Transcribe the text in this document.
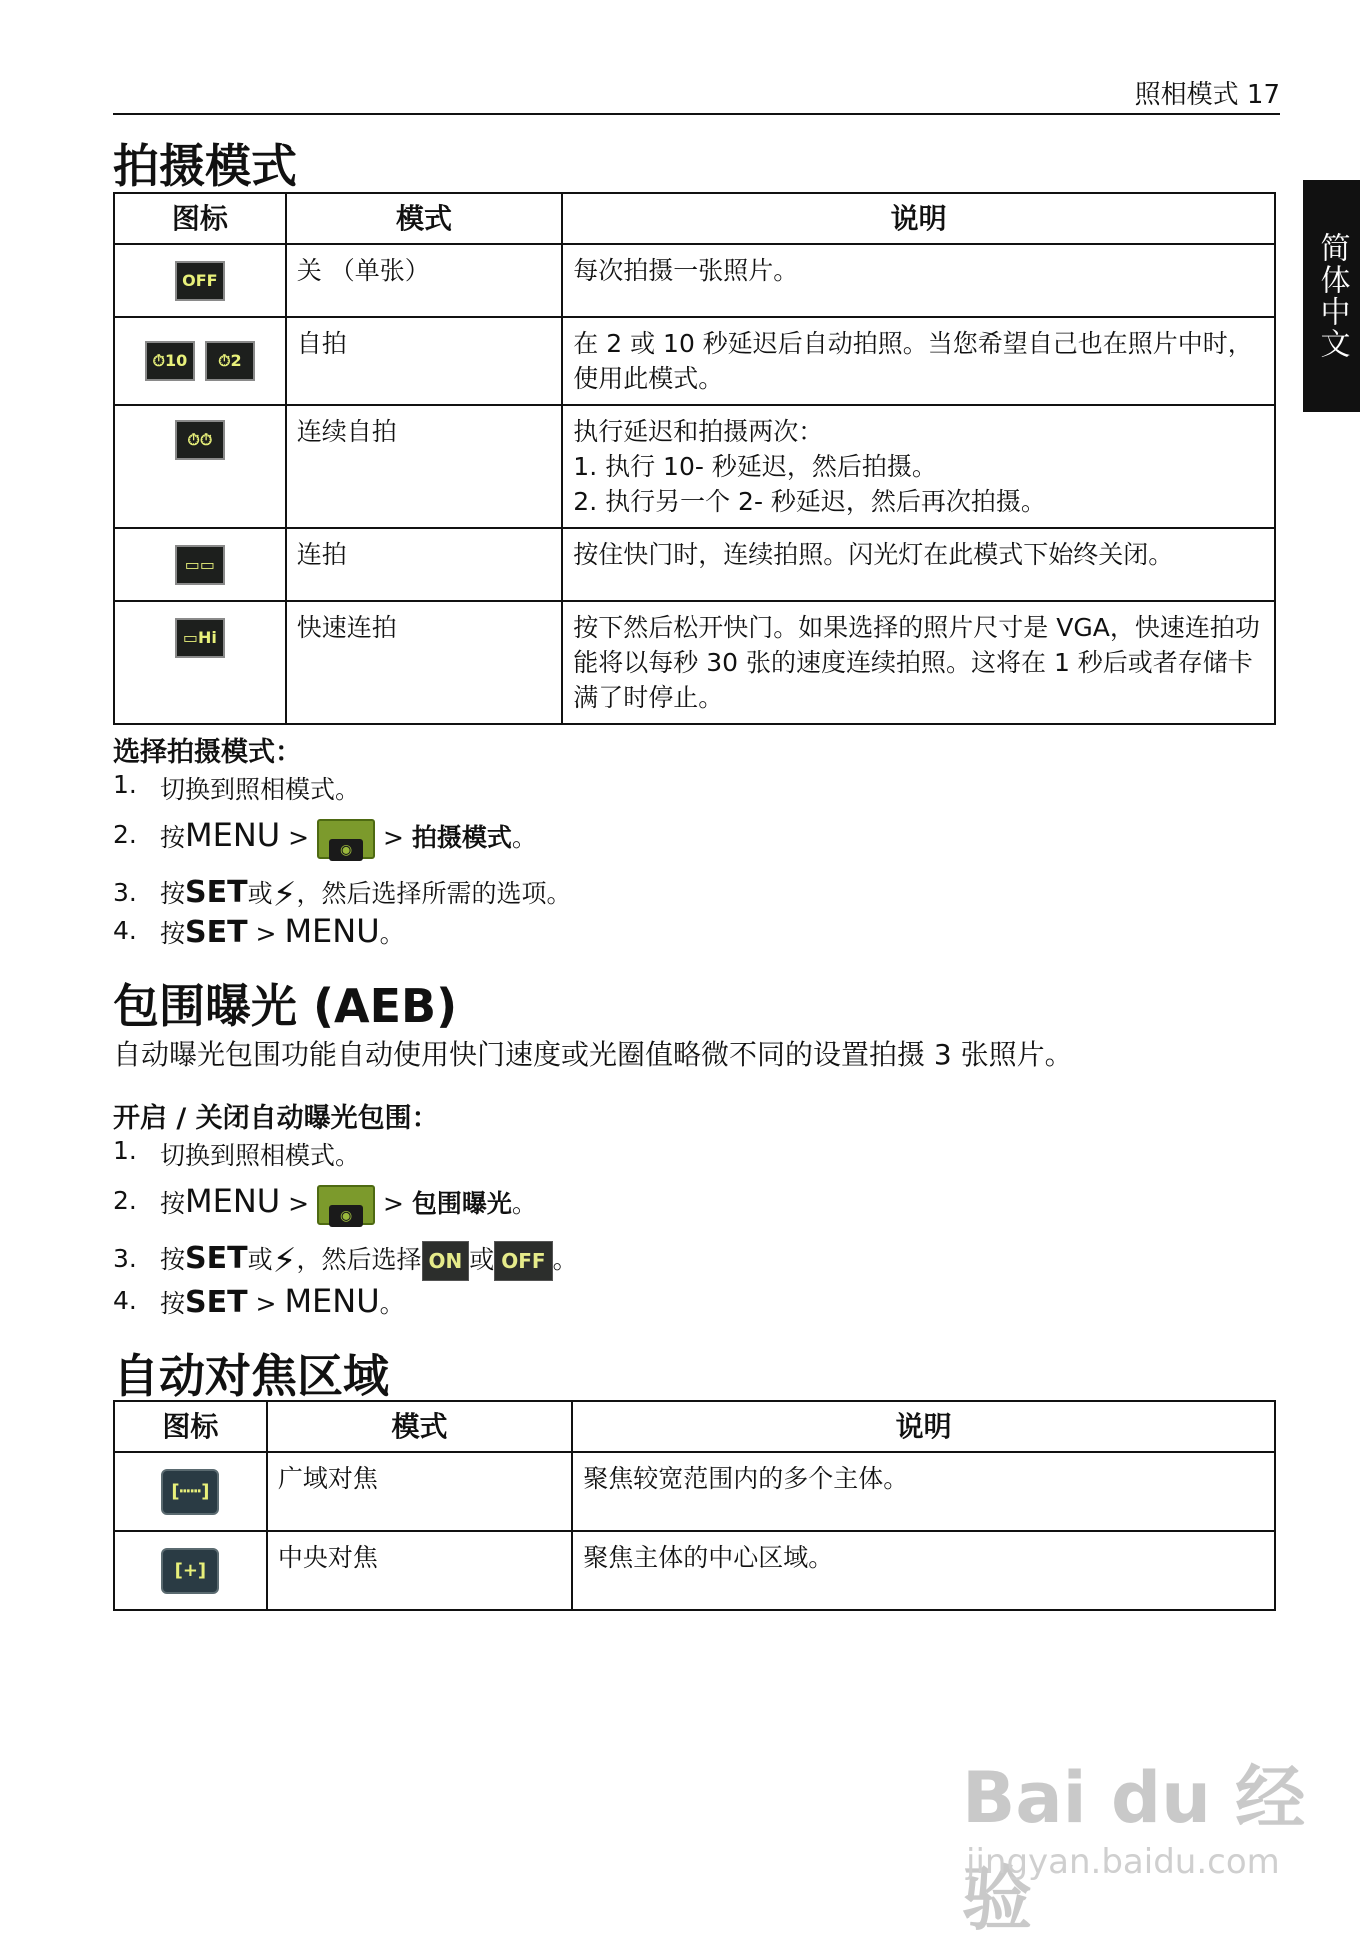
照相模式 17
简体中文
拍摄模式
图标	模式	说明
OFF	关 （单张）	每次拍摄一张照片。
⏱10 ⏱2	自拍	在 2 或 10 秒延迟后自动拍照。当您希望自己也在照片中时，使用此模式。
⏱⏱	连续自拍	执行延迟和拍摄两次：
1. 执行 10- 秒延迟，然后拍摄。
2. 执行另一个 2- 秒延迟，然后再次拍摄。

▭▭	连拍	按住快门时，连续拍照。闪光灯在此模式下始终关闭。
▭Hi	快速连拍	按下然后松开快门。如果选择的照片尺寸是 VGA，快速连拍功能将以每秒 30 张的速度连续拍照。这将在 1 秒后或者存储卡满了时停止。
选择拍摄模式：
1. 切换到照相模式。
2. 按MENU > ◉ > 拍摄模式。
3. 按SET或⚡，然后选择所需的选项。
4. 按SET > MENU。
包围曝光 (AEB)

自动曝光包围功能自动使用快门速度或光圈值略微不同的设置拍摄 3 张照片。

开启 / 关闭自动曝光包围：
1. 切换到照相模式。
2. 按MENU > ◉ > 包围曝光。
3. 按SET或⚡，然后选择 ON 或 OFF 。
4. 按SET > MENU。
自动对焦区域
图标	模式	说明
[┅┅]	广域对焦	聚焦较宽范围内的多个主体。
[+]	中央对焦	聚焦主体的中心区域。
Bai du 经验
jingyan.baidu.com
